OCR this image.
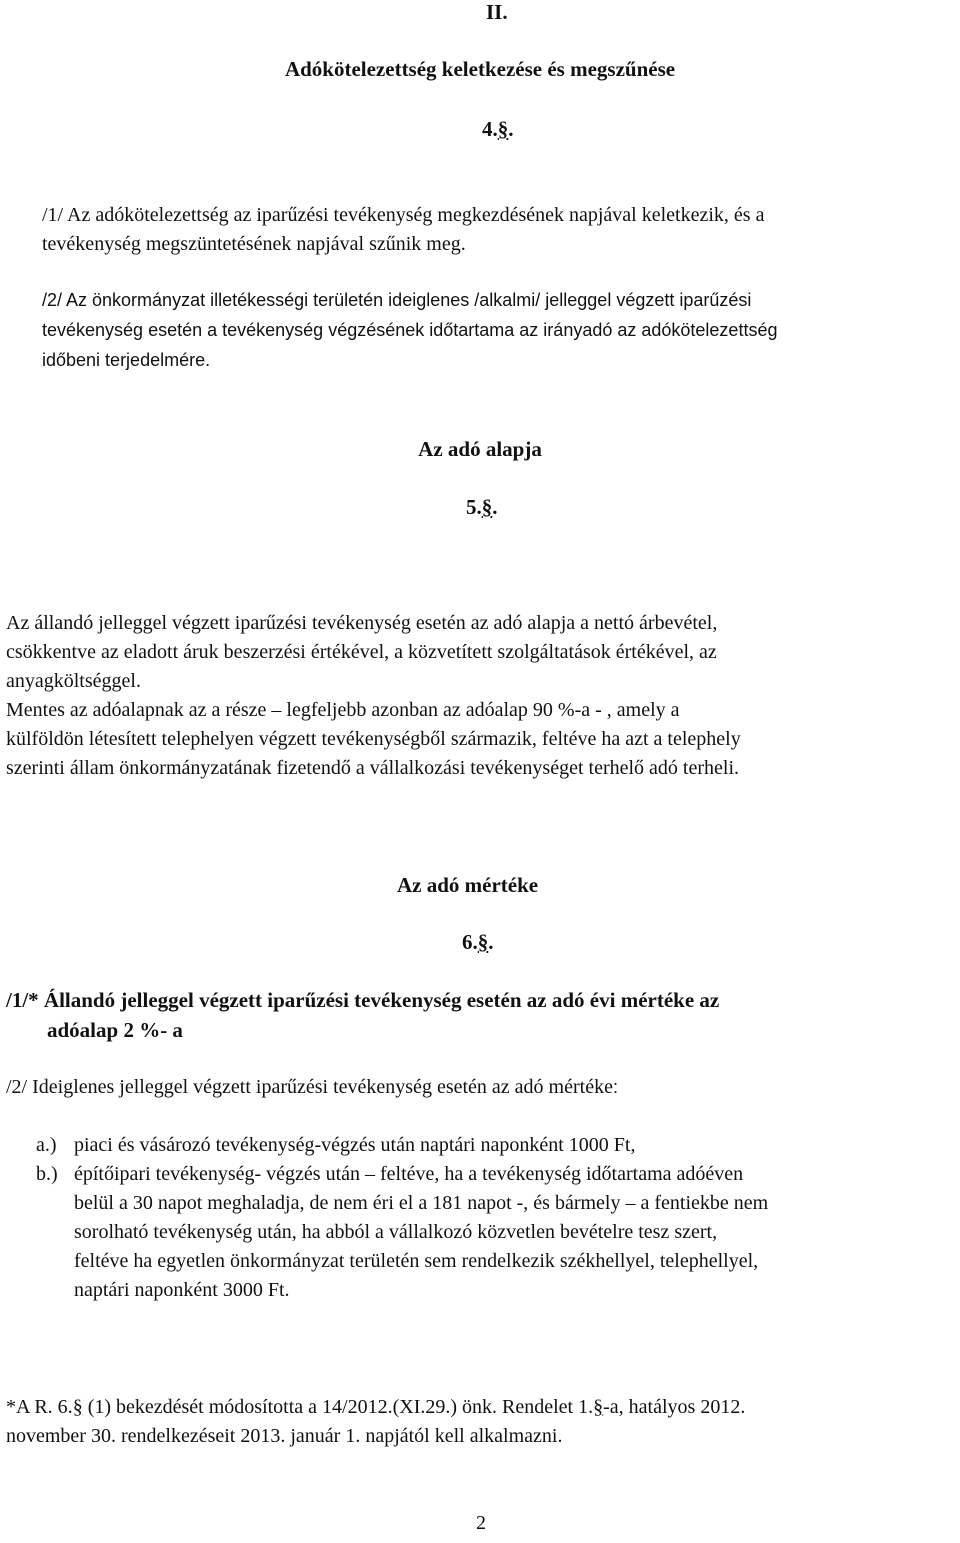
II.
Adókötelezettség keletkezése és megszűnése
4.§.
/1/ Az adókötelezettség az iparűzési tevékenység megkezdésének napjával keletkezik, és a
tevékenység megszüntetésének napjával szűnik meg.
/2/ Az önkormányzat illetékességi területén ideiglenes /alkalmi/ jelleggel végzett iparűzési
tevékenység esetén a tevékenység végzésének időtartama az irányadó az adókötelezettség
időbeni terjedelmére.
Az adó alapja
5.§.
Az állandó jelleggel végzett iparűzési tevékenység esetén az adó alapja a nettó árbevétel,
csökkentve az eladott áruk beszerzési értékével, a közvetített szolgáltatások értékével, az
anyagköltséggel.
Mentes az adóalapnak az a része – legfeljebb azonban az adóalap 90 %-a - , amely a
külföldön létesített telephelyen végzett tevékenységből származik, feltéve ha azt a telephely
szerinti állam önkormányzatának fizetendő a vállalkozási tevékenységet terhelő adó terheli.
Az adó mértéke
6.§.
/1/* Állandó jelleggel végzett iparűzési tevékenység esetén az adó évi mértéke az
adóalap 2 %- a
/2/ Ideiglenes jelleggel végzett iparűzési tevékenység esetén az adó mértéke:
a.) piaci és vásározó tevékenység-végzés után naptári naponként 1000 Ft,
b.) építőipari tevékenység- végzés után – feltéve, ha a tevékenység időtartama adóéven
belül a 30 napot meghaladja, de nem éri el a 181 napot -, és bármely – a fentiekbe nem
sorolható tevékenység után, ha abból a vállalkozó közvetlen bevételre tesz szert,
feltéve ha egyetlen önkormányzat területén sem rendelkezik székhellyel, telephellyel,
naptári naponként 3000 Ft.
*A R. 6.§ (1) bekezdését módosította a 14/2012.(XI.29.) önk. Rendelet 1.§-a, hatályos 2012.
november 30. rendelkezéseit 2013. január 1. napjától kell alkalmazni.
2
